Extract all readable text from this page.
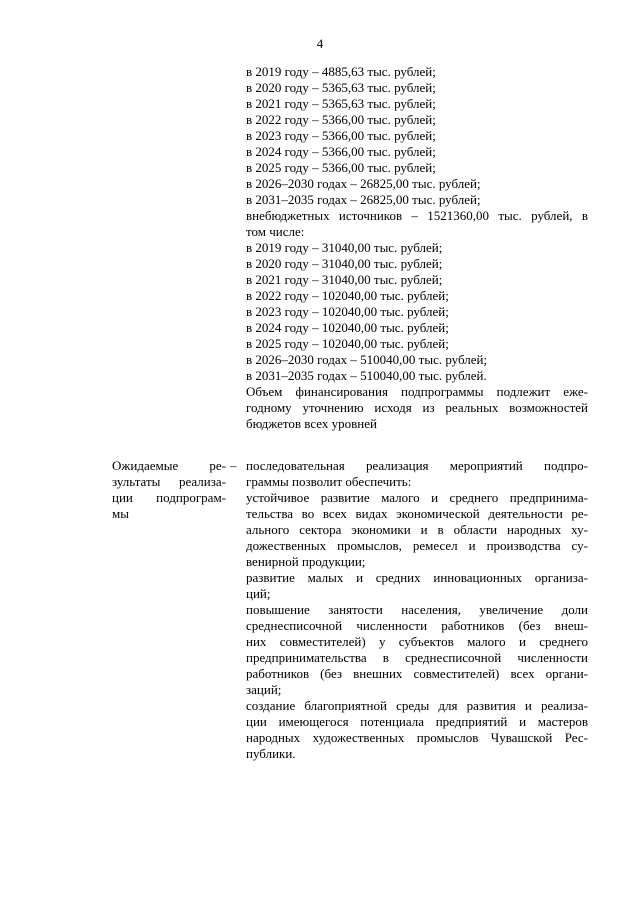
4
в 2019 году – 4885,63 тыс. рублей;
в 2020 году – 5365,63 тыс. рублей;
в 2021 году – 5365,63 тыс. рублей;
в 2022 году – 5366,00 тыс. рублей;
в 2023 году – 5366,00 тыс. рублей;
в 2024 году – 5366,00 тыс. рублей;
в 2025 году – 5366,00 тыс. рублей;
в 2026–2030 годах – 26825,00 тыс. рублей;
в 2031–2035 годах – 26825,00 тыс. рублей;
внебюджетных источников – 1521360,00 тыс. рублей, в
том числе:
в 2019 году – 31040,00 тыс. рублей;
в 2020 году – 31040,00 тыс. рублей;
в 2021 году – 31040,00 тыс. рублей;
в 2022 году – 102040,00 тыс. рублей;
в 2023 году – 102040,00 тыс. рублей;
в 2024 году – 102040,00 тыс. рублей;
в 2025 году – 102040,00 тыс. рублей;
в 2026–2030 годах – 510040,00 тыс. рублей;
в 2031–2035 годах – 510040,00 тыс. рублей.
Объем финансирования подпрограммы подлежит еже-
годному уточнению исходя из реальных возможностей
бюджетов всех уровней
Ожидаемые ре-
зультаты реализа-
ции подпрограм-
мы
– последовательная реализация мероприятий подпро-
граммы позволит обеспечить:
устойчивое развитие малого и среднего предпринима-
тельства во всех видах экономической деятельности ре-
ального сектора экономики и в области народных ху-
дожественных промыслов, ремесел и производства су-
венирной продукции;
развитие малых и средних инновационных организа-
ций;
повышение занятости населения, увеличение доли
среднесписочной численности работников (без внеш-
них совместителей) у субъектов малого и среднего
предпринимательства в среднесписочной численности
работников (без внешних совместителей) всех органи-
заций;
создание благоприятной среды для развития и реализа-
ции имеющегося потенциала предприятий и мастеров
народных художественных промыслов Чувашской Рес-
публики.
